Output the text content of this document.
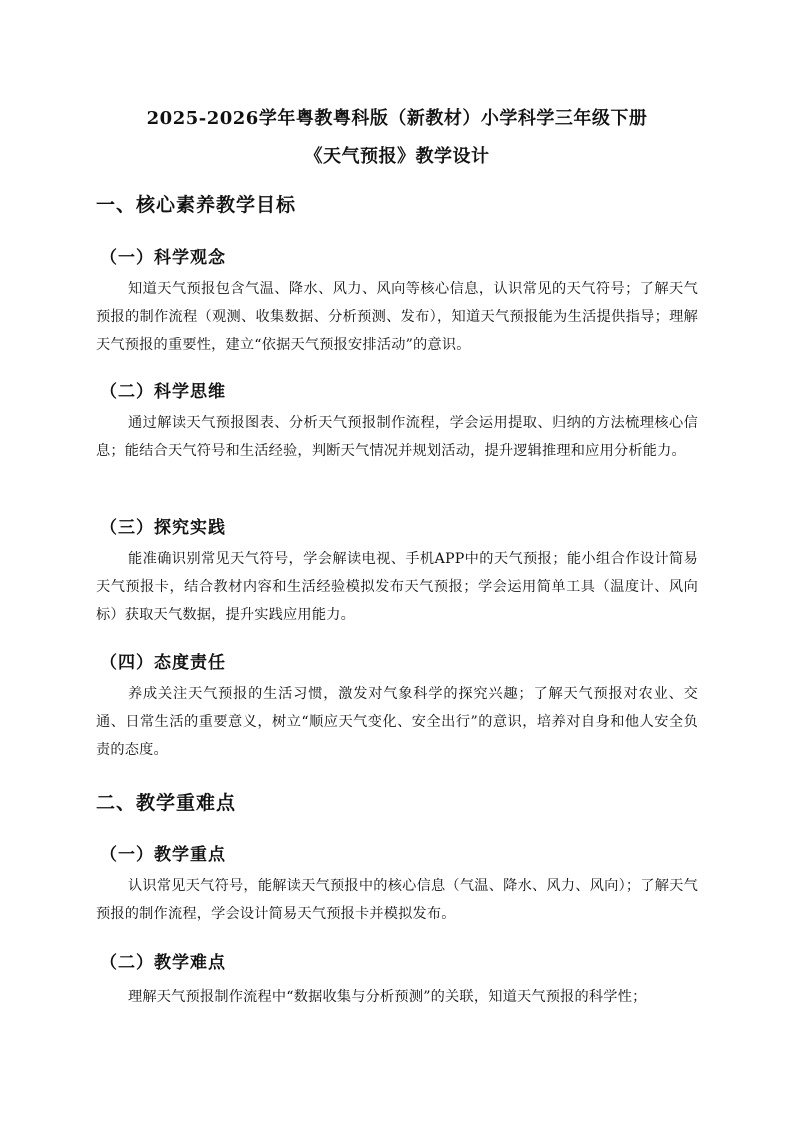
2025-2026学年粤教粤科版（新教材）小学科学三年级下册
《天气预报》教学设计
一、核心素养教学目标
（一）科学观念
知道天气预报包含气温、降水、风力、风向等核心信息，认识常见的天气符号；了解天气预报的制作流程（观测、收集数据、分析预测、发布），知道天气预报能为生活提供指导；理解天气预报的重要性，建立“依据天气预报安排活动”的意识。
（二）科学思维
通过解读天气预报图表、分析天气预报制作流程，学会运用提取、归纳的方法梳理核心信息；能结合天气符号和生活经验，判断天气情况并规划活动，提升逻辑推理和应用分析能力。
（三）探究实践
能准确识别常见天气符号，学会解读电视、手机APP中的天气预报；能小组合作设计简易天气预报卡，结合教材内容和生活经验模拟发布天气预报；学会运用简单工具（温度计、风向标）获取天气数据，提升实践应用能力。
（四）态度责任
养成关注天气预报的生活习惯，激发对气象科学的探究兴趣；了解天气预报对农业、交通、日常生活的重要意义，树立“顺应天气变化、安全出行”的意识，培养对自身和他人安全负责的态度。
二、教学重难点
（一）教学重点
认识常见天气符号，能解读天气预报中的核心信息（气温、降水、风力、风向）；了解天气预报的制作流程，学会设计简易天气预报卡并模拟发布。
（二）教学难点
理解天气预报制作流程中“数据收集与分析预测”的关联，知道天气预报的科学性；
